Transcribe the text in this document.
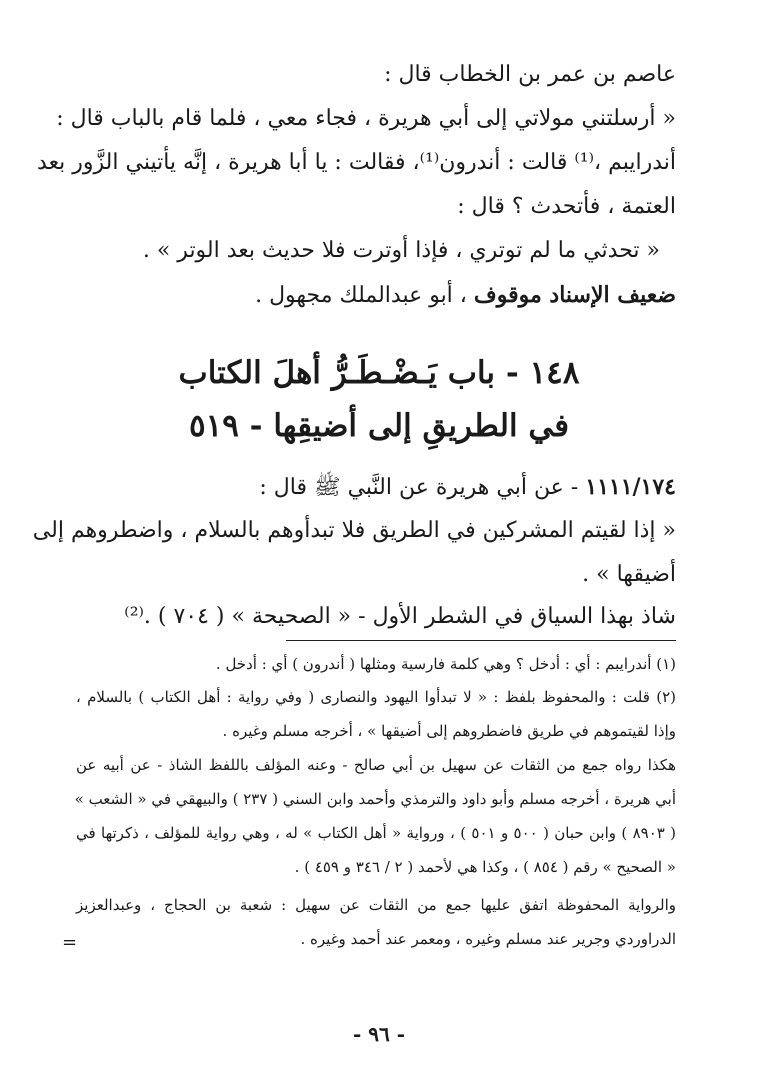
عاصم بن عمر بن الخطاب قال :
« أرسلتني مولاتي إلى أبي هريرة ، فجاء معي ، فلما قام بالباب قال :
أندرايبم ،⁽¹⁾ قالت : أندرون⁽¹⁾، فقالت : يا أبا هريرة ، إنَّه يأتيني الزَّور بعد
العتمة ، فأتحدث ؟ قال :
« تحدثي ما لم توتري ، فإذا أوترت فلا حديث بعد الوتر » .
ضعيف الإسناد موقوف ، أبو عبدالملك مجهول .
١٤٨ - باب يَـضْـطَـرُّ أهلَ الكتاب
في الطريقِ إلى أضيقِها - ٥١٩
١١١١/١٧٤ - عن أبي هريرة عن النَّبي ﷺ قال :
« إذا لقيتم المشركين في الطريق فلا تبدأوهم بالسلام ، واضطروهم إلى
أضيقها » .
شاذ بهذا السياق في الشطر الأول - « الصحيحة » ( ٧٠٤ ) .⁽²⁾
(١) أندرايبم : أي : أدخل ؟ وهي كلمة فارسية ومثلها ( أندرون ) أي : أدخل .
(٢) قلت : والمحفوظ بلفظ : « لا تبدأوا اليهود والنصارى ( وفي رواية : أهل الكتاب ) بالسلام ،
وإذا لقيتموهم في طريق فاضطروهم إلى أضيقها » ، أخرجه مسلم وغيره .
هكذا رواه جمع من الثقات عن سهيل بن أبي صالح - وعنه المؤلف باللفظ الشاذ - عن أبيه عن
أبي هريرة ، أخرجه مسلم وأبو داود والترمذي وأحمد وابن السني ( ٢٣٧ ) والبيهقي في « الشعب »
( ٨٩٠٣ ) وابن حبان ( ٥٠٠ و ٥٠١ ) ، ورواية « أهل الكتاب » له ، وهي رواية للمؤلف ، ذكرتها في
« الصحيح » رقم ( ٨٥٤ ) ، وكذا هي لأحمد ( ٢ / ٣٤٦ و ٤٥٩ ) .
والرواية المحفوظة اتفق عليها جمع من الثقات عن سهيل : شعبة بن الحجاج ، وعبدالعزيز
الدراوردي وجرير عند مسلم وغيره ، ومعمر عند أحمد وغيره .
=
- ٩٦ -
